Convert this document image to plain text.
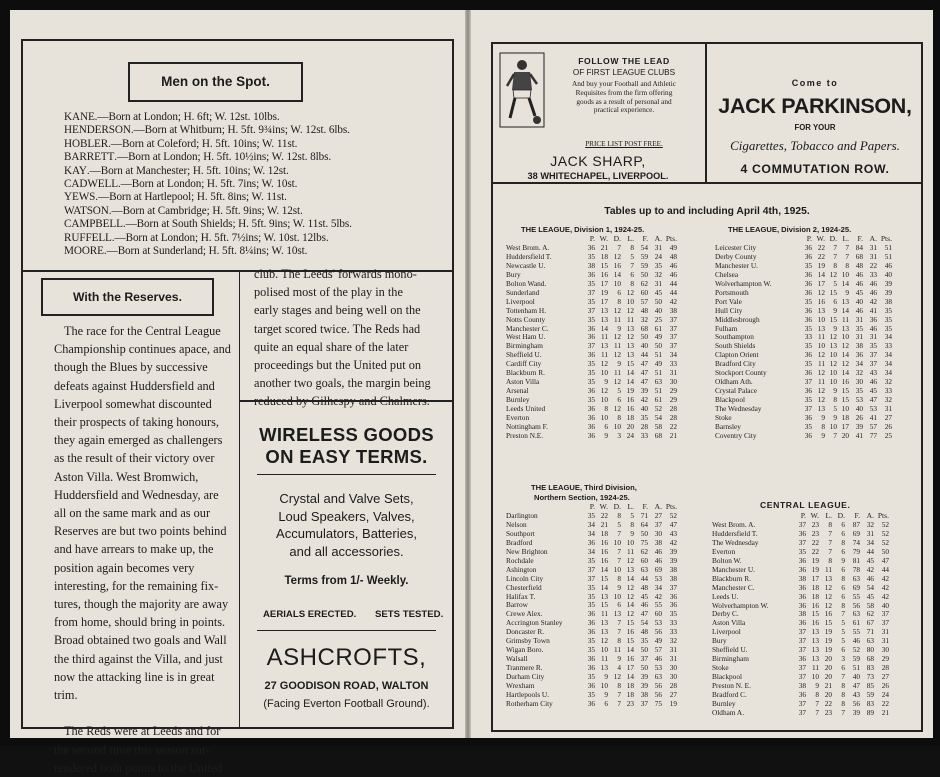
Men on the Spot.
KANE.—Born at London; H. 6ft; W. 12st. 10lbs.
HENDERSON.—Born at Whitburn; H. 5ft. 9¾ins; W. 12st. 6lbs.
HOBLER.—Born at Coleford; H. 5ft. 10ins; W. 11st.
BARRETT.—Born at London; H. 5ft. 10½ins; W. 12st. 8lbs.
KAY.—Born at Manchester; H. 5ft. 10ins; W. 12st.
CADWELL.—Born at London; H. 5ft. 7ins; W. 10st.
YEWS.—Born at Hartlepool; H. 5ft. 8ins; W. 11st.
WATSON.—Born at Cambridge; H. 5ft. 9ins; W. 12st.
CAMPBELL.—Born at South Shields; H. 5ft. 9ins; W. 11st. 5lbs.
RUFFELL.—Born at London; H. 5ft. 7½ins; W. 10st. 12lbs.
MOORE.—Born at Sunderland; H. 5ft. 8¼ins; W. 10st.
With the Reserves.
The race for the Central League
Championship continues apace, and
though the Blues by successive
defeats against Huddersfield and
Liverpool somewhat discounted
their prospects of taking honours,
they again emerged as challengers
as the result of their victory over
Aston Villa. West Bromwich,
Huddersfield and Wednesday, are
all on the same mark and as our
Reserves are but two points behind
and have arrears to make up, the
position again becomes very
interesting, for the remaining fix-
tures, though the majority are away
from home, should bring in points.
Broad obtained two goals and Wall
the third against the Villa, and just
now the attacking line is in great
trim.
The Reds were at Leeds and for
the second time this season sur-
rendered both points to the United
club. The Leeds' forwards mono-
polised most of the play in the
early stages and being well on the
target scored twice. The Reds had
quite an equal share of the later
proceedings but the United put on
another two goals, the margin being
reduced by Gilhespy and Chalmers.
WIRELESS GOODS
ON EASY TERMS.
Crystal and Valve Sets,
Loud Speakers, Valves,
Accumulators, Batteries,
and all accessories.
Terms from 1/- Weekly.
AERIALS ERECTED. SETS TESTED.
ASHCROFTS,
27 GOODISON ROAD, WALTON
(Facing Everton Football Ground).
FOLLOW THE LEAD
OF FIRST LEAGUE CLUBS
And buy your Football and Athletic
Requisites from the firm offering
goods as a result of personal and
practical experience.
PRICE LIST POST FREE.
JACK SHARP,
38 WHITECHAPEL, LIVERPOOL.
Come to
JACK PARKINSON,
FOR YOUR
Cigarettes, Tobacco and Papers.
4 COMMUTATION ROW.
Tables up to and including April 4th, 1925.
THE LEAGUE, Division 1, 1924-25.
	P.	W.	D.	L.	F.	A.	Pts.
West Brom. A.	36	21	7	8	54	31	49
Huddersfield T.	35	18	12	5	59	24	48
Newcastle U.	38	15	16	7	59	35	46
Bury	36	16	14	6	50	32	46
Bolton Wand.	35	17	10	8	62	31	44
Sunderland	37	19	6	12	60	45	44
Liverpool	35	17	8	10	57	50	42
Tottenham H.	37	13	12	12	48	40	38
Notts County	35	13	11	11	32	25	37
Manchester C.	36	14	9	13	68	61	37
West Ham U.	36	11	12	12	50	49	37
Birmingham	37	13	11	13	40	50	37
Sheffield U.	36	11	12	13	44	51	34
Cardiff City	35	12	9	15	47	49	33
Blackburn R.	35	10	11	14	47	51	31
Aston Villa	35	9	12	14	47	63	30
Arsenal	36	12	5	19	39	51	29
Burnley	35	10	6	16	42	61	29
Leeds United	36	8	12	16	40	52	28
Everton	36	10	8	18	35	54	28
Nottingham F.	36	6	10	20	28	58	22
Preston N.E.	36	9	3	24	33	68	21
THE LEAGUE, Division 2, 1924-25.
	P.	W.	D.	L.	F.	A.	Pts.
Leicester City	36	22	7	7	84	31	51
Derby County	36	22	7	7	68	31	51
Manchester U.	35	19	8	8	48	22	46
Chelsea	36	14	12	10	46	33	40
Wolverhampton W.	36	17	5	14	46	46	39
Portsmouth	36	12	15	9	45	46	39
Port Vale	35	16	6	13	40	42	38
Hull City	36	13	9	14	46	41	35
Middlesbrough	36	10	15	11	31	36	35
Fulham	35	13	9	13	35	46	35
Southampton	33	11	12	10	31	31	34
South Shields	35	10	13	12	38	35	33
Clapton Orient	36	12	10	14	36	37	34
Bradford City	35	11	12	12	34	37	34
Stockport County	36	12	10	14	32	43	34
Oldham Ath.	37	11	10	16	30	46	32
Crystal Palace	36	12	9	15	35	45	33
Blackpool	35	12	8	15	53	47	32
The Wednesday	37	13	5	10	40	53	31
Stoke	36	9	9	18	26	41	27
Barnsley	35	8	10	17	39	57	26
Coventry City	36	9	7	20	41	77	25
THE LEAGUE, Third Division,
Northern Section, 1924-25.
	P.	W.	D.	L.	F.	A.	Pts.
Darlington	35	22	8	5	71	27	52
Nelson	34	21	5	8	64	37	47
Southport	34	18	7	9	50	30	43
Bradford	36	16	10	10	75	38	42
New Brighton	34	16	7	11	62	46	39
Rochdale	35	16	7	12	60	46	39
Ashington	37	14	10	13	63	69	38
Lincoln City	37	15	8	14	44	53	38
Chesterfield	35	14	9	12	48	34	37
Halifax T.	35	13	10	12	45	42	36
Barrow	35	15	6	14	46	55	36
Crewe Alex.	36	11	13	12	47	60	35
Accrington Stanley	36	13	7	15	54	53	33
Doncaster R.	36	13	7	16	48	56	33
Grimsby Town	35	12	8	15	35	49	32
Wigan Boro.	35	10	11	14	50	57	31
Walsall	36	11	9	16	37	46	31
Tranmere R.	36	13	4	17	50	53	30
Durham City	35	9	12	14	39	63	30
Wrexham	36	10	8	18	39	56	28
Hartlepools U.	35	9	7	18	38	56	27
Rotherham City	36	6	7	23	37	75	19
CENTRAL LEAGUE.
	P.	W.	L.	D.	F.	A.	Pts.
West Brom. A.	37	23	8	6	87	32	52
Huddersfield T.	36	23	7	6	69	31	52
The Wednesday	37	22	7	8	74	34	52
Everton	35	22	7	6	79	44	50
Bolton W.	36	19	8	9	81	45	47
Manchester U.	36	19	11	6	78	42	44
Blackburn R.	38	17	13	8	63	46	42
Manchester C.	36	18	12	6	69	54	42
Leeds U.	36	18	12	6	55	45	42
Wolverhampton W.	36	16	12	8	56	58	40
Derby C.	38	15	16	7	63	62	37
Aston Villa	36	16	15	5	61	67	37
Liverpool	37	13	19	5	55	71	31
Bury	37	13	19	5	46	63	31
Sheffield U.	37	13	19	6	52	80	30
Birmingham	36	13	20	3	59	68	29
Stoke	37	11	20	6	51	83	28
Blackpool	37	10	20	7	40	73	27
Preston N. E.	38	9	21	8	47	85	26
Bradford C.	36	8	20	8	43	59	24
Burnley	37	7	22	8	56	83	22
Oldham A.	37	7	23	7	39	89	21
